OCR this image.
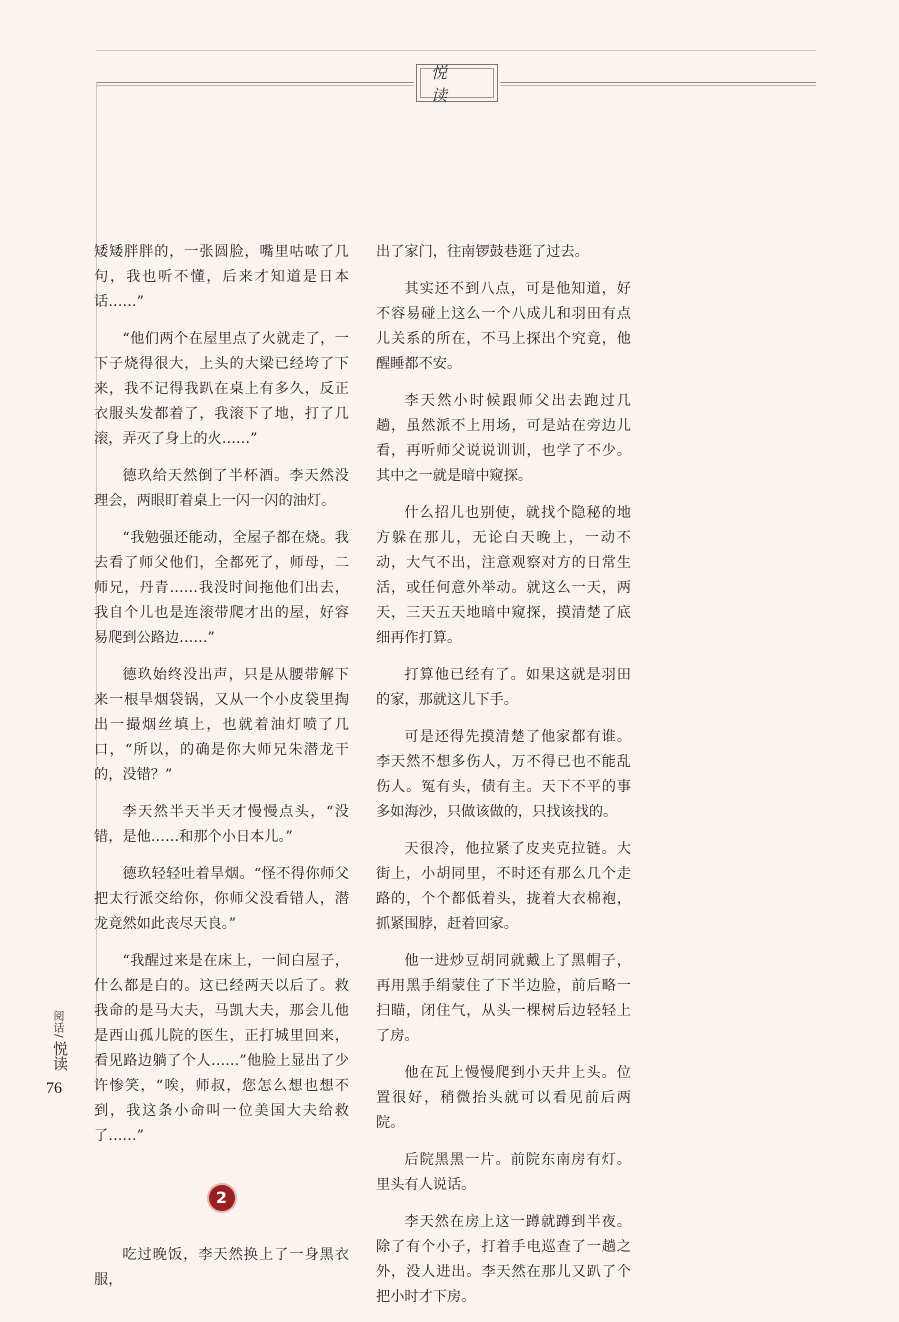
悦 读

矮矮胖胖的，一张圆脸，嘴里咕哝了几句，我也听不懂，后来才知道是日本话……”

“他们两个在屋里点了火就走了，一下子烧得很大，上头的大梁已经垮了下来，我不记得我趴在桌上有多久，反正衣服头发都着了，我滚下了地，打了几滚，弄灭了身上的火……”

德玖给天然倒了半杯酒。李天然没理会，两眼盯着桌上一闪一闪的油灯。

“我勉强还能动，全屋子都在烧。我去看了师父他们，全都死了，师母，二师兄，丹青……我没时间拖他们出去，我自个儿也是连滚带爬才出的屋，好容易爬到公路边……”

德玖始终没出声，只是从腰带解下来一根旱烟袋锅，又从一个小皮袋里掏出一撮烟丝填上，也就着油灯喷了几口，“所以，的确是你大师兄朱潜龙干的，没错？”

李天然半天半天才慢慢点头，“没错，是他……和那个小日本儿。”

德玖轻轻吐着旱烟。“怪不得你师父把太行派交给你，你师父没看错人，潜龙竟然如此丧尽天良。”

“我醒过来是在床上，一间白屋子，什么都是白的。这已经两天以后了。救我命的是马大夫，马凯大夫，那会儿他是西山孤儿院的医生，正打城里回来，看见路边躺了个人……”他脸上显出了少许惨笑，“唉，师叔，您怎么想也想不到，我这条小命叫一位美国大夫给救了……”

2

吃过晚饭，李天然换上了一身黑衣服，

出了家门，往南锣鼓巷逛了过去。

其实还不到八点，可是他知道，好不容易碰上这么一个八成儿和羽田有点儿关系的所在，不马上探出个究竟，他醒睡都不安。

李天然小时候跟师父出去跑过几趟，虽然派不上用场，可是站在旁边儿看，再听师父说说训训，也学了不少。其中之一就是暗中窥探。

什么招儿也别使，就找个隐秘的地方躲在那儿，无论白天晚上，一动不动，大气不出，注意观察对方的日常生活，或任何意外举动。就这么一天，两天，三天五天地暗中窥探，摸清楚了底细再作打算。

打算他已经有了。如果这就是羽田的家，那就这儿下手。

可是还得先摸清楚了他家都有谁。李天然不想多伤人，万不得已也不能乱伤人。冤有头，债有主。天下不平的事多如海沙，只做该做的，只找该找的。

天很冷，他拉紧了皮夹克拉链。大街上，小胡同里，不时还有那么几个走路的，个个都低着头，拢着大衣棉袍，抓紧围脖，赶着回家。

他一进炒豆胡同就戴上了黑帽子，再用黑手绢蒙住了下半边脸，前后略一扫瞄，闭住气，从头一棵树后边轻轻上了房。

他在瓦上慢慢爬到小天井上头。位置很好，稍微抬头就可以看见前后两院。

后院黑黑一片。前院东南房有灯。里头有人说话。

李天然在房上这一蹲就蹲到半夜。除了有个小子，打着手电巡查了一趟之外，没人进出。李天然在那儿又趴了个把小时才下房。

阅话/
悦读
76
